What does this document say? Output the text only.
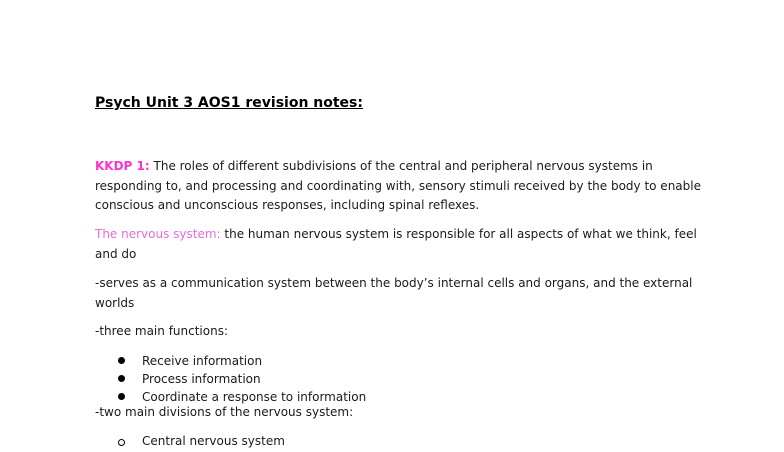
Psych Unit 3 AOS1 revision notes:
KKDP 1: The roles of different subdivisions of the central and peripheral nervous systems in responding to, and processing and coordinating with, sensory stimuli received by the body to enable conscious and unconscious responses, including spinal reflexes.
The nervous system: the human nervous system is responsible for all aspects of what we think, feel and do
-serves as a communication system between the body’s internal cells and organs, and the external worlds
-three main functions:
Receive information
Process information
Coordinate a response to information
-two main divisions of the nervous system:
Central nervous system
